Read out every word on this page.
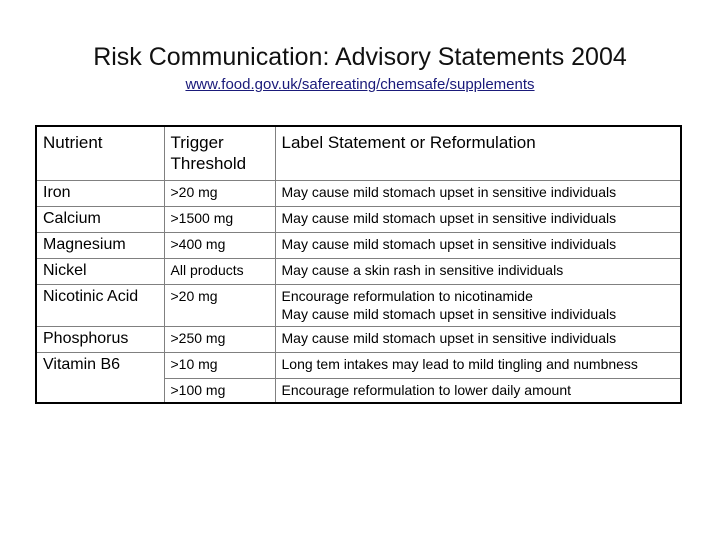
Risk Communication: Advisory Statements 2004
www.food.gov.uk/safereating/chemsafe/supplements
Nutrient	Trigger Threshold	Label Statement or Reformulation
Iron	>20 mg	May cause mild stomach upset in sensitive individuals

Calcium	>1500 mg	May cause mild stomach upset in sensitive individuals

Magnesium	>400 mg	May cause mild stomach upset in sensitive individuals

Nickel	All products	May cause a skin rash in sensitive individuals

Nicotinic Acid	>20 mg	Encourage reformulation to nicotinamide
May cause mild stomach upset in sensitive individuals

Phosphorus	>250 mg	May cause mild stomach upset in sensitive individuals

Vitamin B6	>10 mg	Long tem intakes may lead to mild tingling and numbness

	>100 mg	Encourage reformulation to lower daily amount
